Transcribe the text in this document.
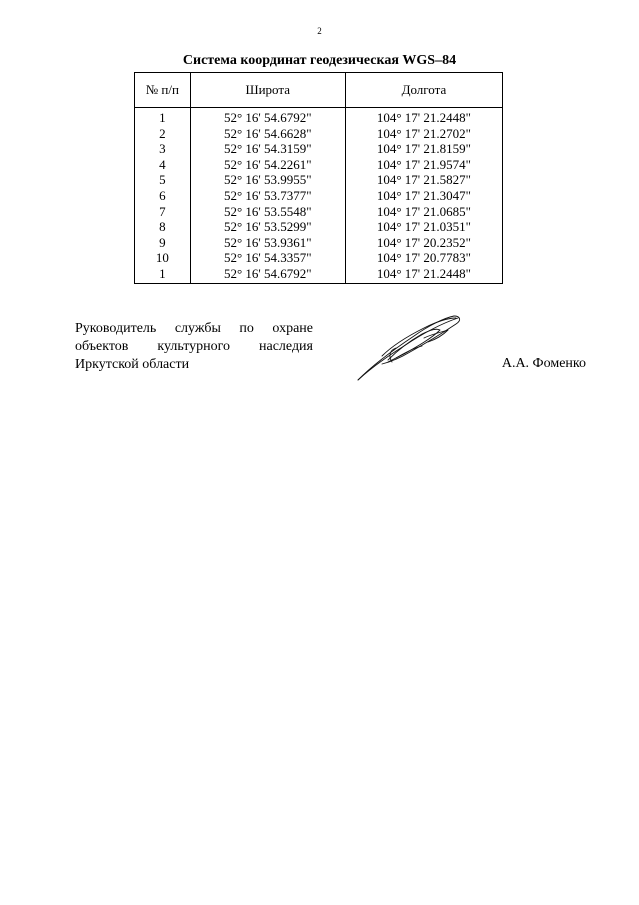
2
Система координат геодезическая WGS–84
№ п/п	Широта	Долгота
1	52° 16' 54.6792"	104° 17' 21.2448"
2	52° 16' 54.6628"	104° 17' 21.2702"
3	52° 16' 54.3159"	104° 17' 21.8159"
4	52° 16' 54.2261"	104° 17' 21.9574"
5	52° 16' 53.9955"	104° 17' 21.5827"
6	52° 16' 53.7377"	104° 17' 21.3047"
7	52° 16' 53.5548"	104° 17' 21.0685"
8	52° 16' 53.5299"	104° 17' 21.0351"
9	52° 16' 53.9361"	104° 17' 20.2352"
10	52° 16' 54.3357"	104° 17' 20.7783"
1	52° 16' 54.6792"	104° 17' 21.2448"
Руководитель службы по охране
объектов культурного наследия
Иркутской области	А.А. Фоменко
